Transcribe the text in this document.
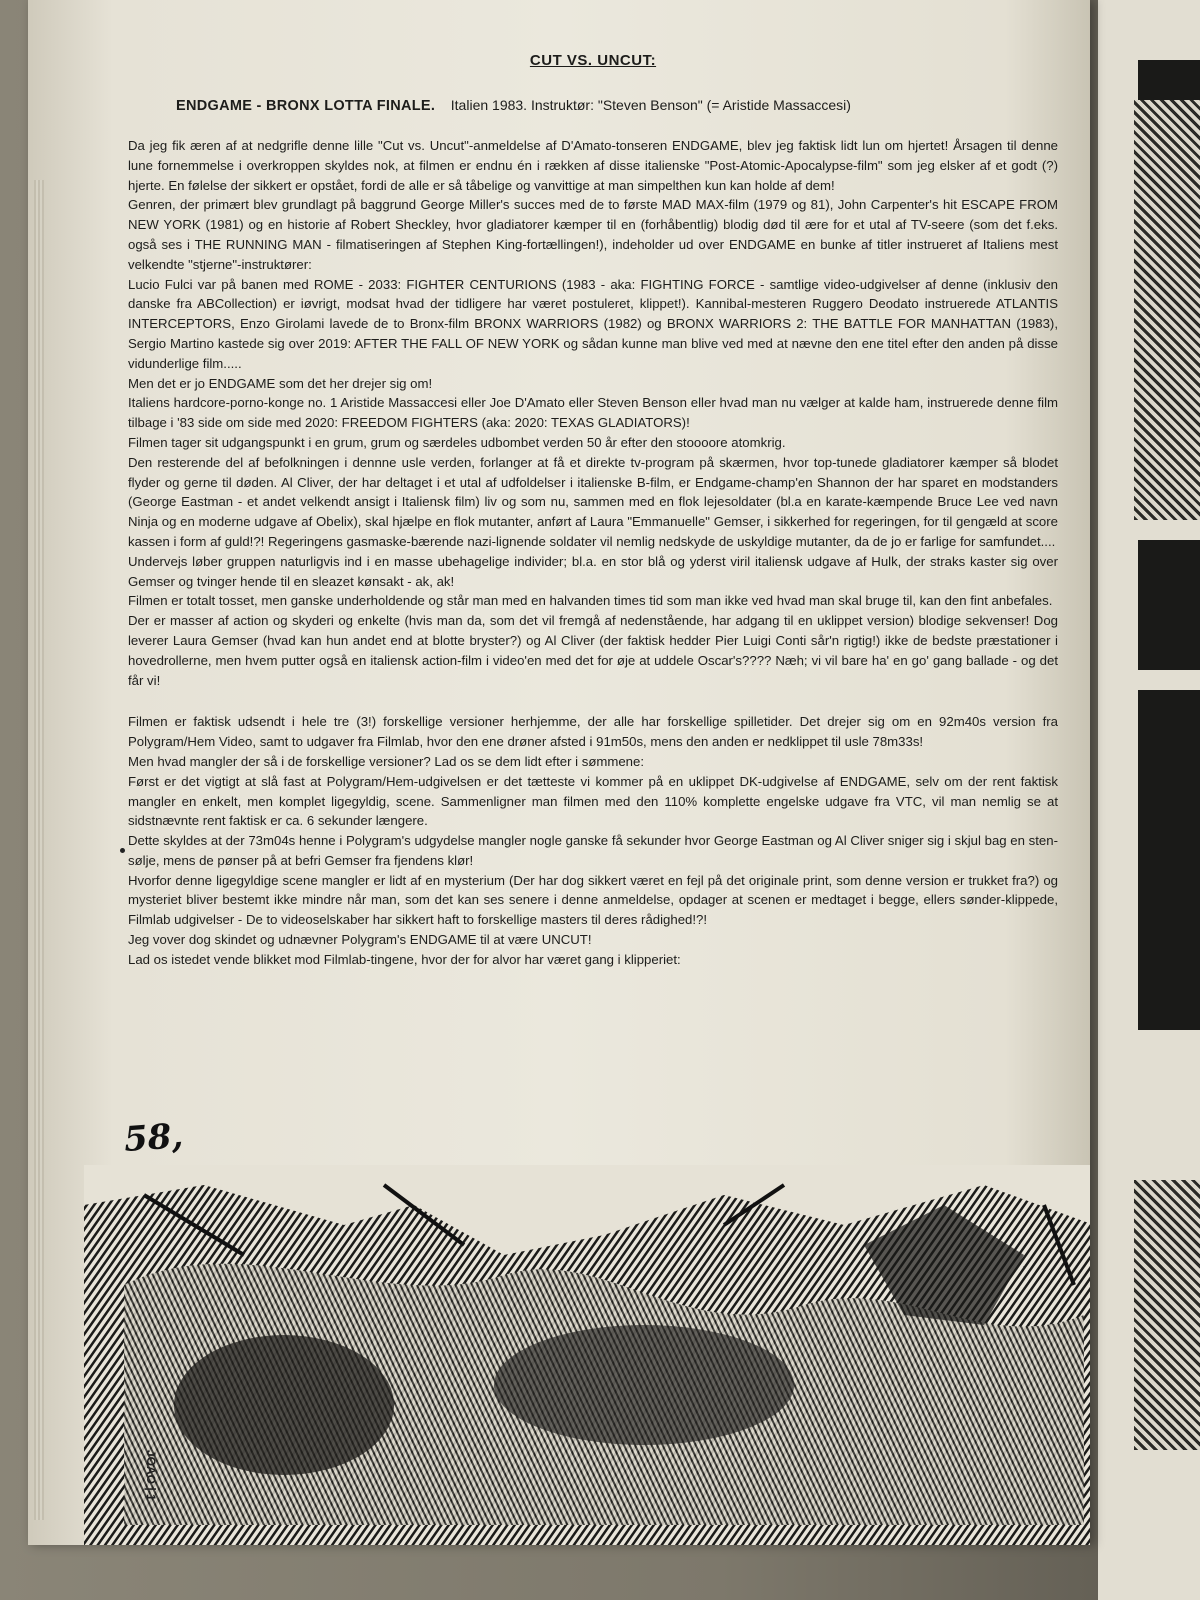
CUT VS. UNCUT:
ENDGAME - BRONX LOTTA FINALE. Italien 1983. Instruktør: "Steven Benson" (= Aristide Massaccesi)

Da jeg fik æren af at nedgrifle denne lille "Cut vs. Uncut"-anmeldelse af D'Amato-tonseren ENDGAME, blev jeg faktisk lidt lun om hjertet! Årsagen til denne lune fornemmelse i overkroppen skyldes nok, at filmen er endnu én i rækken af disse italienske "Post-Atomic-Apocalypse-film" som jeg elsker af et godt (?) hjerte. En følelse der sikkert er opstået, fordi de alle er så tåbelige og vanvittige at man simpelthen kun kan holde af dem!

Genren, der primært blev grundlagt på baggrund George Miller's succes med de to første MAD MAX-film (1979 og 81), John Carpenter's hit ESCAPE FROM NEW YORK (1981) og en historie af Robert Sheckley, hvor gladiatorer kæmper til en (forhåbentlig) blodig død til ære for et utal af TV-seere (som det f.eks. også ses i THE RUNNING MAN - filmatiseringen af Stephen King-fortællingen!), indeholder ud over ENDGAME en bunke af titler instrueret af Italiens mest velkendte "stjerne"-instruktører:

Lucio Fulci var på banen med ROME - 2033: FIGHTER CENTURIONS (1983 - aka: FIGHTING FORCE - samtlige video-udgivelser af denne (inklusiv den danske fra ABCollection) er iøvrigt, modsat hvad der tidligere har været postuleret, klippet!). Kannibal-mesteren Ruggero Deodato instruerede ATLANTIS INTERCEPTORS, Enzo Girolami lavede de to Bronx-film BRONX WARRIORS (1982) og BRONX WARRIORS 2: THE BATTLE FOR MANHATTAN (1983), Sergio Martino kastede sig over 2019: AFTER THE FALL OF NEW YORK og sådan kunne man blive ved med at nævne den ene titel efter den anden på disse vidunderlige film.....

Men det er jo ENDGAME som det her drejer sig om!

Italiens hardcore-porno-konge no. 1 Aristide Massaccesi eller Joe D'Amato eller Steven Benson eller hvad man nu vælger at kalde ham, instruerede denne film tilbage i '83 side om side med 2020: FREEDOM FIGHTERS (aka: 2020: TEXAS GLADIATORS)!

Filmen tager sit udgangspunkt i en grum, grum og særdeles udbombet verden 50 år efter den stoooore atomkrig.

Den resterende del af befolkningen i dennne usle verden, forlanger at få et direkte tv-program på skærmen, hvor top-tunede gladiatorer kæmper så blodet flyder og gerne til døden. Al Cliver, der har deltaget i et utal af udfoldelser i italienske B-film, er Endgame-champ'en Shannon der har sparet en modstanders (George Eastman - et andet velkendt ansigt i Italiensk film) liv og som nu, sammen med en flok lejesoldater (bl.a en karate-kæmpende Bruce Lee ved navn Ninja og en moderne udgave af Obelix), skal hjælpe en flok mutanter, anført af Laura "Emmanuelle" Gemser, i sikkerhed for regeringen, for til gengæld at score kassen i form af guld!?! Regeringens gasmaske-bærende nazi-lignende soldater vil nemlig nedskyde de uskyldige mutanter, da de jo er farlige for samfundet....

Undervejs løber gruppen naturligvis ind i en masse ubehagelige individer; bl.a. en stor blå og yderst viril italiensk udgave af Hulk, der straks kaster sig over Gemser og tvinger hende til en sleazet kønsakt - ak, ak!

Filmen er totalt tosset, men ganske underholdende og står man med en halvanden times tid som man ikke ved hvad man skal bruge til, kan den fint anbefales.

Der er masser af action og skyderi og enkelte (hvis man da, som det vil fremgå af nedenstående, har adgang til en uklippet version) blodige sekvenser! Dog leverer Laura Gemser (hvad kan hun andet end at blotte bryster?) og Al Cliver (der faktisk hedder Pier Luigi Conti sår'n rigtig!) ikke de bedste præstationer i hovedrollerne, men hvem putter også en italiensk action-film i video'en med det for øje at uddele Oscar's???? Næh; vi vil bare ha' en go' gang ballade - og det får vi!

Filmen er faktisk udsendt i hele tre (3!) forskellige versioner herhjemme, der alle har forskellige spilletider. Det drejer sig om en 92m40s version fra Polygram/Hem Video, samt to udgaver fra Filmlab, hvor den ene drøner afsted i 91m50s, mens den anden er nedklippet til usle 78m33s!

Men hvad mangler der så i de forskellige versioner? Lad os se dem lidt efter i sømmene:

Først er det vigtigt at slå fast at Polygram/Hem-udgivelsen er det tætteste vi kommer på en uklippet DK-udgivelse af ENDGAME, selv om der rent faktisk mangler en enkelt, men komplet ligegyldig, scene. Sammenligner man filmen med den 110% komplette engelske udgave fra VTC, vil man nemlig se at sidstnævnte rent faktisk er ca. 6 sekunder længere.

Dette skyldes at der 73m04s henne i Polygram's udgydelse mangler nogle ganske få sekunder hvor George Eastman og Al Cliver sniger sig i skjul bag en sten-sølje, mens de pønser på at befri Gemser fra fjendens klør!

Hvorfor denne ligegyldige scene mangler er lidt af en mysterium (Der har dog sikkert været en fejl på det originale print, som denne version er trukket fra?) og mysteriet bliver bestemt ikke mindre når man, som det kan ses senere i denne anmeldelse, opdager at scenen er medtaget i begge, ellers sønder-klippede, Filmlab udgivelser - De to videoselskaber har sikkert haft to forskellige masters til deres rådighed!?!

Jeg vover dog skindet og udnævner Polygram's ENDGAME til at være UNCUT!

Lad os istedet vende blikket mod Filmlab-tingene, hvor der for alvor har været gang i klipperiet:

58,
JOAO | 1
